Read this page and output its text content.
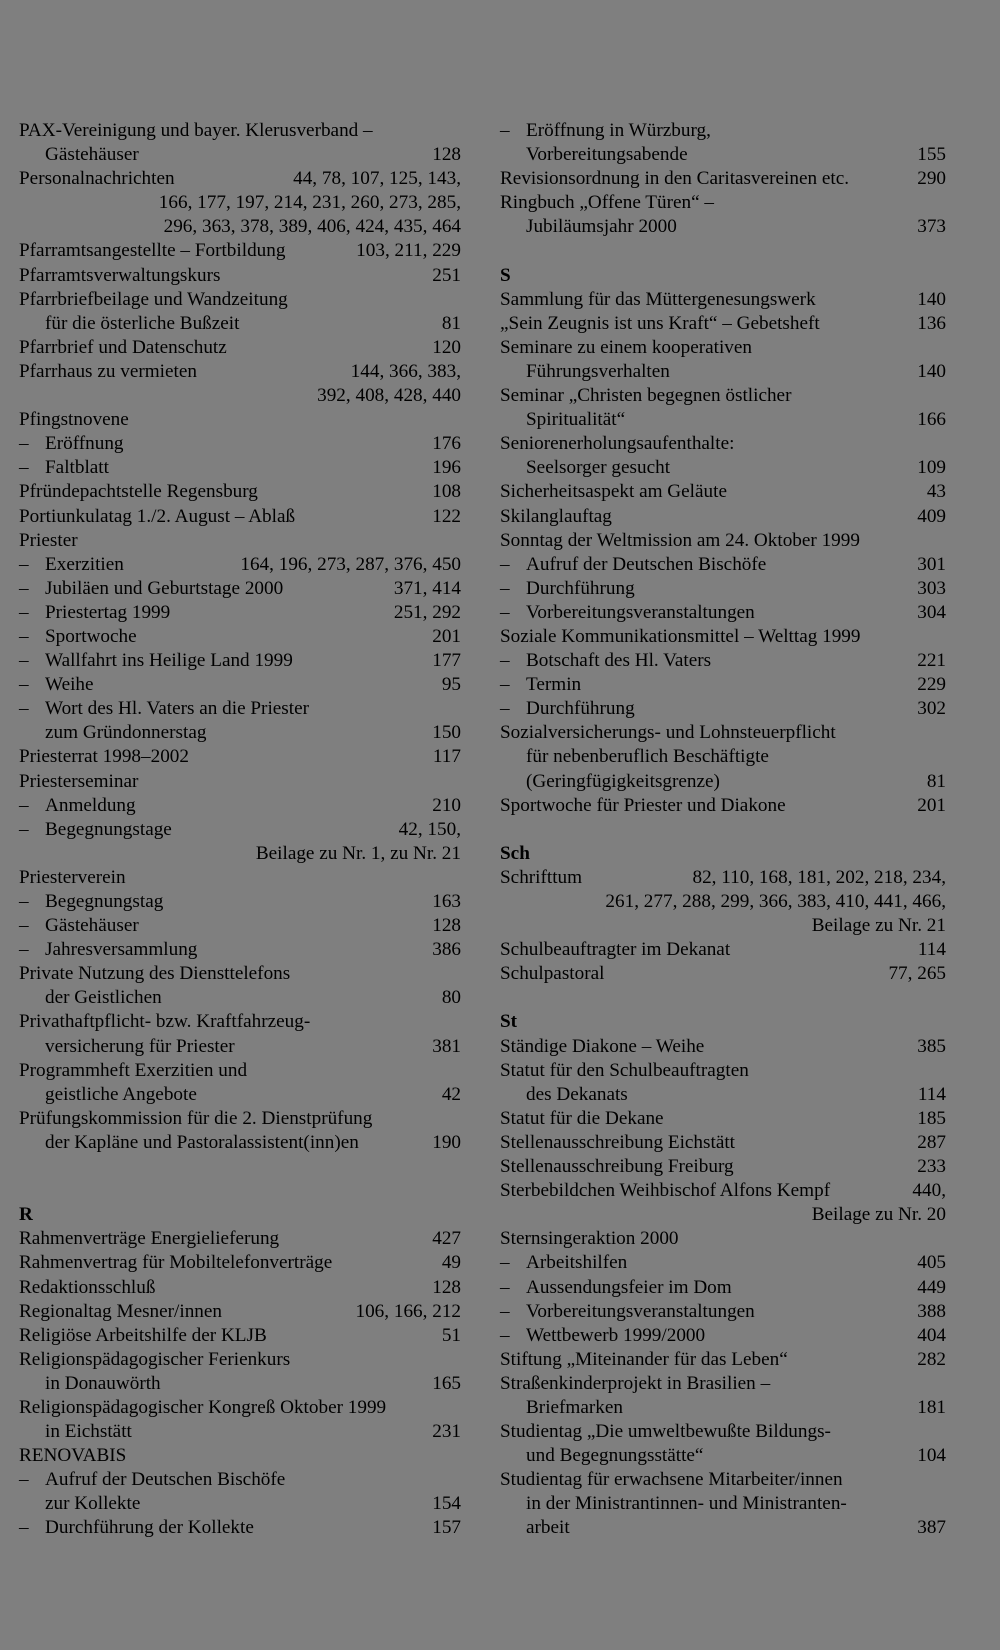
PAX-Vereinigung und bayer. Klerusverband –
Gästehäuser	128
Personalnachrichten	44, 78, 107, 125, 143,
166, 177, 197, 214, 231, 260, 273, 285,
296, 363, 378, 389, 406, 424, 435, 464
Pfarramtsangestellte – Fortbildung	103, 211, 229
Pfarramtsverwaltungskurs	251
Pfarrbriefbeilage und Wandzeitung
für die österliche Bußzeit	81
Pfarrbrief und Datenschutz	120
Pfarrhaus zu vermieten	144, 366, 383,
392, 408, 428, 440
Pfingstnovene
– Eröffnung	176
– Faltblatt	196
Pfründepachtstelle Regensburg	108
Portiunkulatag 1./2. August – Ablaß	122
Priester
– Exerzitien	164, 196, 273, 287, 376, 450
– Jubiläen und Geburtstage 2000	371, 414
– Priestertag 1999	251, 292
– Sportwoche	201
– Wallfahrt ins Heilige Land 1999	177
– Weihe	95
– Wort des Hl. Vaters an die Priester
zum Gründonnerstag	150
Priesterrat 1998–2002	117
Priesterseminar
– Anmeldung	210
– Begegnungstage	42, 150,
Beilage zu Nr. 1, zu Nr. 21
Priesterverein
– Begegnungstag	163
– Gästehäuser	128
– Jahresversammlung	386
Private Nutzung des Diensttelefons
der Geistlichen	80
Privathaftpflicht- bzw. Kraftfahrzeug-
versicherung für Priester	381
Programmheft Exerzitien und
geistliche Angebote	42
Prüfungskommission für die 2. Dienstprüfung
der Kapläne und Pastoralassistent(inn)en	190
R
Rahmenverträge Energielieferung	427
Rahmenvertrag für Mobiltelefonverträge	49
Redaktionsschluß	128
Regionaltag Mesner/innen	106, 166, 212
Religiöse Arbeitshilfe der KLJB	51
Religionspädagogischer Ferienkurs
in Donauwörth	165
Religionspädagogischer Kongreß Oktober 1999
in Eichstätt	231
RENOVABIS
– Aufruf der Deutschen Bischöfe
zur Kollekte	154
– Durchführung der Kollekte	157
– Eröffnung in Würzburg,
Vorbereitungsabende	155
Revisionsordnung in den Caritasvereinen etc.	290
Ringbuch „Offene Türen“ –
Jubiläumsjahr 2000	373
S
Sammlung für das Müttergenesungswerk	140
„Sein Zeugnis ist uns Kraft“ – Gebetsheft	136
Seminare zu einem kooperativen
Führungsverhalten	140
Seminar „Christen begegnen östlicher
Spiritualität“	166
Seniorenerholungsaufenthalte:
Seelsorger gesucht	109
Sicherheitsaspekt am Geläute	43
Skilanglauftag	409
Sonntag der Weltmission am 24. Oktober 1999
– Aufruf der Deutschen Bischöfe	301
– Durchführung	303
– Vorbereitungsveranstaltungen	304
Soziale Kommunikationsmittel – Welttag 1999
– Botschaft des Hl. Vaters	221
– Termin	229
– Durchführung	302
Sozialversicherungs- und Lohnsteuerpflicht
für nebenberuflich Beschäftigte
(Geringfügigkeitsgrenze)	81
Sportwoche für Priester und Diakone	201
Sch
Schrifttum	82, 110, 168, 181, 202, 218, 234,
261, 277, 288, 299, 366, 383, 410, 441, 466,
Beilage zu Nr. 21
Schulbeauftragter im Dekanat	114
Schulpastoral	77, 265
St
Ständige Diakone – Weihe	385
Statut für den Schulbeauftragten
des Dekanats	114
Statut für die Dekane	185
Stellenausschreibung Eichstätt	287
Stellenausschreibung Freiburg	233
Sterbebildchen Weihbischof Alfons Kempf	440,
Beilage zu Nr. 20
Sternsingeraktion 2000
– Arbeitshilfen	405
– Aussendungsfeier im Dom	449
– Vorbereitungsveranstaltungen	388
– Wettbewerb 1999/2000	404
Stiftung „Miteinander für das Leben“	282
Straßenkinderprojekt in Brasilien –
Briefmarken	181
Studientag „Die umweltbewußte Bildungs-
und Begegnungsstätte“	104
Studientag für erwachsene Mitarbeiter/innen
in der Ministrantinnen- und Ministranten-
arbeit	387
